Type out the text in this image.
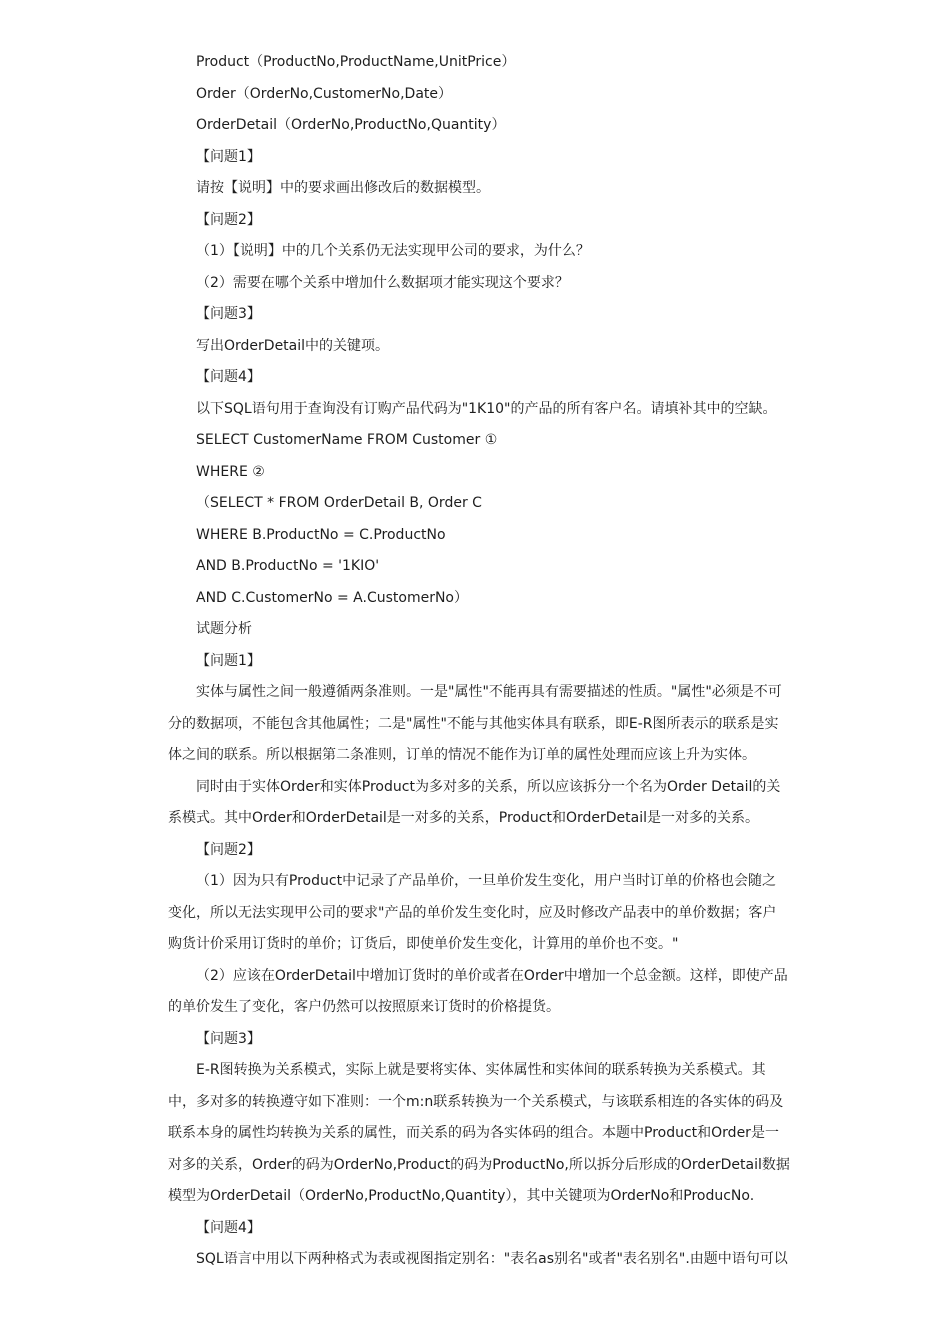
Product（ProductNo,ProductName,UnitPrice）
Order（OrderNo,CustomerNo,Date）
OrderDetail（OrderNo,ProductNo,Quantity）
【问题1】
请按【说明】中的要求画出修改后的数据模型。
【问题2】
（1）【说明】中的几个关系仍无法实现甲公司的要求，为什么？
（2）需要在哪个关系中增加什么数据项才能实现这个要求？
【问题3】
写出OrderDetail中的关键项。
【问题4】
以下SQL语句用于查询没有订购产品代码为"1K10"的产品的所有客户名。请填补其中的空缺。
SELECT CustomerName FROM Customer ①
WHERE ②
（SELECT * FROM OrderDetail B, Order C
WHERE B.ProductNo = C.ProductNo
AND B.ProductNo = '1KIO'
AND C.CustomerNo = A.CustomerNo）
试题分析
【问题1】
实体与属性之间一般遵循两条准则。一是"属性"不能再具有需要描述的性质。"属性"必须是不可
分的数据项，不能包含其他属性；二是"属性"不能与其他实体具有联系，即E-R图所表示的联系是实
体之间的联系。所以根据第二条准则，订单的情况不能作为订单的属性处理而应该上升为实体。
同时由于实体Order和实体Product为多对多的关系，所以应该拆分一个名为Order Detail的关
系模式。其中Order和OrderDetail是一对多的关系，Product和OrderDetail是一对多的关系。
【问题2】
（1）因为只有Product中记录了产品单价，一旦单价发生变化，用户当时订单的价格也会随之
变化，所以无法实现甲公司的要求"产品的单价发生变化时，应及时修改产品表中的单价数据；客户
购货计价采用订货时的单价；订货后，即使单价发生变化，计算用的单价也不变。"
（2）应该在OrderDetail中增加订货时的单价或者在Order中增加一个总金额。这样，即使产品
的单价发生了变化，客户仍然可以按照原来订货时的价格提货。
【问题3】
E-R图转换为关系模式，实际上就是要将实体、实体属性和实体间的联系转换为关系模式。其
中，多对多的转换遵守如下准则：一个m:n联系转换为一个关系模式，与该联系相连的各实体的码及
联系本身的属性均转换为关系的属性，而关系的码为各实体码的组合。本题中Product和Order是一
对多的关系，Order的码为OrderNo,Product的码为ProductNo,所以拆分后形成的OrderDetail数据
模型为OrderDetail（OrderNo,ProductNo,Quantity），其中关键项为OrderNo和ProducNo.
【问题4】
SQL语言中用以下两种格式为表或视图指定别名："表名as别名"或者"表名别名".由题中语句可以
